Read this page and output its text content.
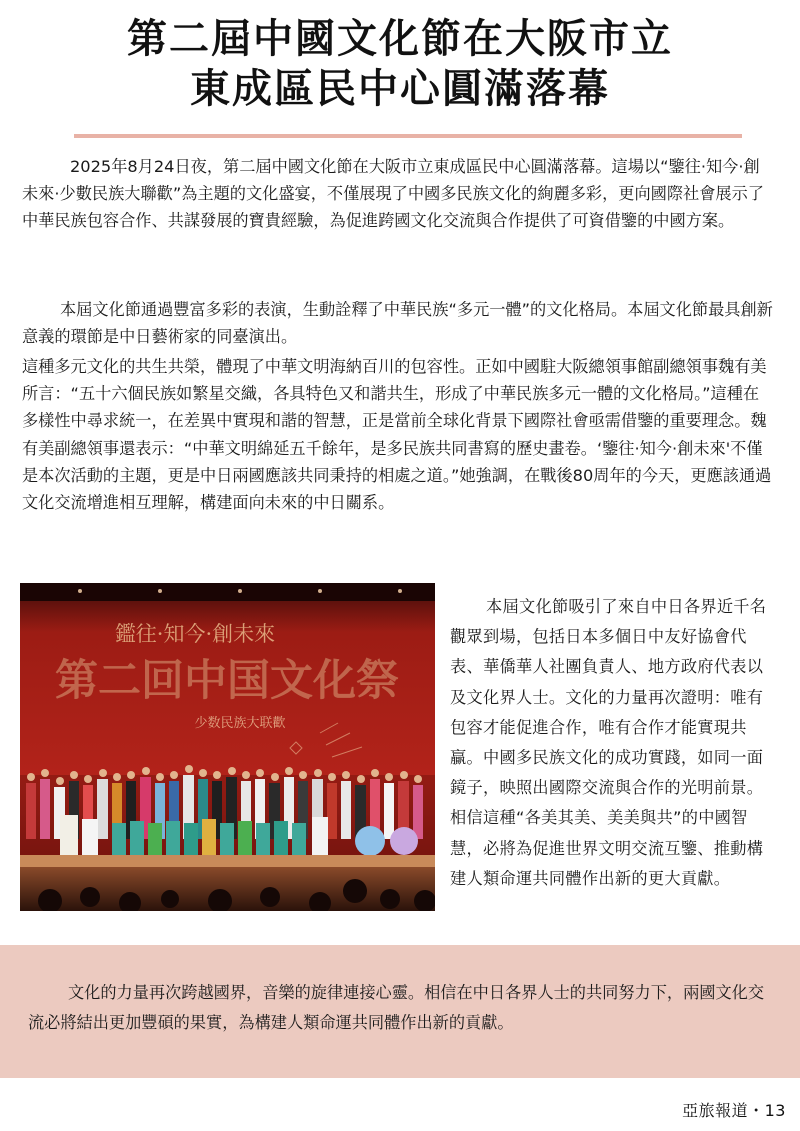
第二屆中國文化節在大阪市立
東成區民中心圓滿落幕

2025年8月24日夜，第二屆中國文化節在大阪市立東成區民中心圓滿落幕。這場以“鑒往·知今·創未來·少數民族大聯歡”為主題的文化盛宴，不僅展現了中國多民族文化的絢麗多彩，更向國際社會展示了中華民族包容合作、共謀發展的寶貴經驗，為促進跨國文化交流與合作提供了可資借鑒的中國方案。

本屆文化節通過豐富多彩的表演，生動詮釋了中華民族“多元一體”的文化格局。本屆文化節最具創新意義的環節是中日藝術家的同臺演出。

這種多元文化的共生共榮，體現了中華文明海納百川的包容性。正如中國駐大阪總領事館副總領事魏有美所言：“五十六個民族如繁星交織，各具特色又和諧共生，形成了中華民族多元一體的文化格局。”這種在多樣性中尋求統一，在差異中實現和諧的智慧，正是當前全球化背景下國際社會亟需借鑒的重要理念。魏有美副總領事還表示：“中華文明綿延五千餘年，是多民族共同書寫的歷史畫卷。‘鑒往·知今·創未來'不僅是本次活動的主題，更是中日兩國應該共同秉持的相處之道。”她強調，在戰後80周年的今天，更應該通過文化交流增進相互理解，構建面向未來的中日關系。

鑑往·知今·創未來
第二回中国文化祭
少数民族大联歡

本屆文化節吸引了來自中日各界近千名觀眾到場，包括日本多個日中友好協會代表、華僑華人社團負責人、地方政府代表以及文化界人士。文化的力量再次證明：唯有包容才能促進合作，唯有合作才能實現共贏。中國多民族文化的成功實踐，如同一面鏡子，映照出國際交流與合作的光明前景。相信這種“各美其美、美美與共”的中國智慧，必將為促進世界文明交流互鑒、推動構建人類命運共同體作出新的更大貢獻。

文化的力量再次跨越國界，音樂的旋律連接心靈。相信在中日各界人士的共同努力下，兩國文化交流必將結出更加豐碩的果實，為構建人類命運共同體作出新的貢獻。

亞旅報道・13
